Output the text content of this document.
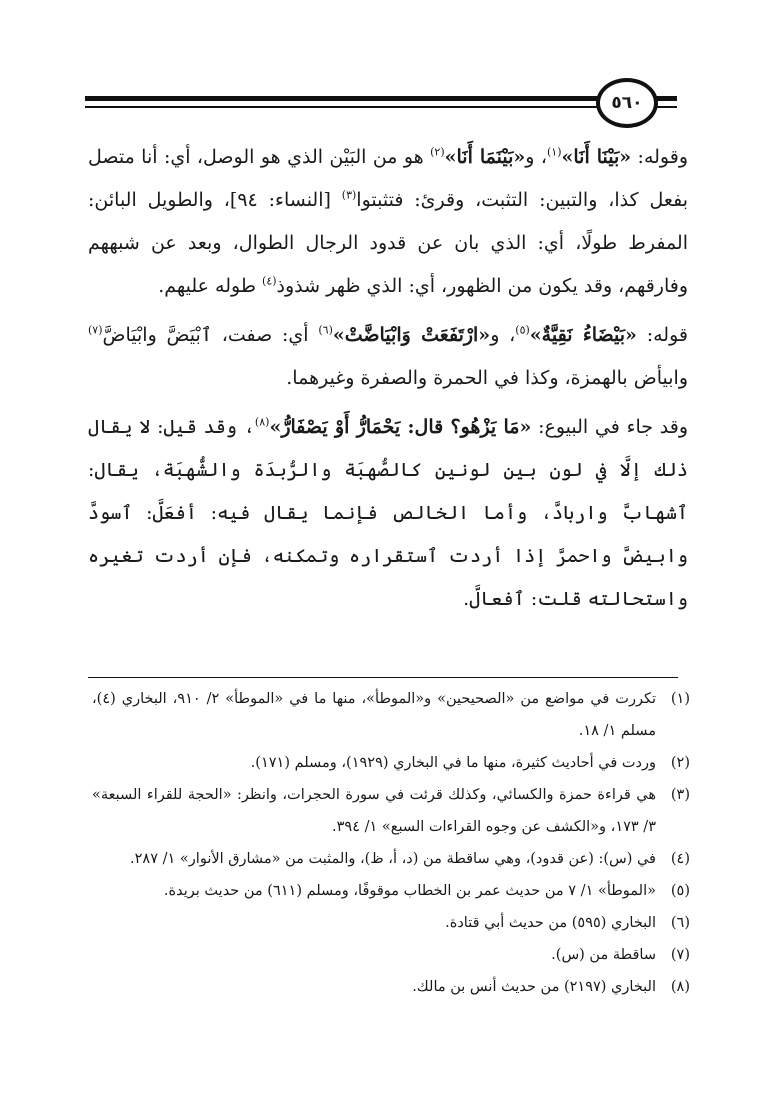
٥٦٠

وقوله: «بَيْنَا أَنَا»$^{(١)}$، و«بَيْنَمَا أَنَا»$^{(٢)}$ هو من البَيْن الذي هو الوصل، أي: أنا متصل بفعل كذا، والتبين: التثبت، وقرئ: فتثبتوا$^{(٣)}$ [النساء: ٩٤]، والطويل البائن: المفرط طولًا، أي: الذي بان عن قدود الرجال الطوال، وبعد عن شبههم وفارقهم، وقد يكون من الظهور، أي: الذي ظهر شذوذ$^{(٤)}$ طوله عليهم.

قوله: «بَيْضَاءُ نَقِيَّةٌ»$^{(٥)}$، و«ارْتَفَعَتْ وَابْيَاضَّتْ»$^{(٦)}$ أي: صفت، ٱبْيَضَّ وابْيَاضَّ$^{(٧)}$ وابيأض بالهمزة، وكذا في الحمرة والصفرة وغيرهما.

وقد جاء في البيوع: «مَا يَزْهُو؟ قال: يَحْمَارُّ أَوْ يَصْفَارُّ»$^{(٨)}$، وقد قيل: لا يقال ذلك إلَّا في لون بين لونين كالصُّهبَة والرُّبدَة والشُّهبَة، يقال: ٱشهابَّ واربادَّ، وأما الخالص فإنما يقال فيه: أفعَلَّ: ٱسودَّ وابيضَّ واحمرَّ إذا أردت ٱستقراره وتمكنه، فإن أردت تغيره واستحالته قلت: ٱفعالَّ.

(١)
تكررت في مواضع من «الصحيحين» و«الموطأ»، منها ما في «الموطأ» ٢/ ٩١٠، البخاري (٤)، مسلم ١/ ١٨.
(٢)
وردت في أحاديث كثيرة، منها ما في البخاري (١٩٢٩)، ومسلم (١٧١).
(٣)
هي قراءة حمزة والكسائي، وكذلك قرئت في سورة الحجرات، وانظر: «الحجة للقراء السبعة» ٣/ ١٧٣، و«الكشف عن وجوه القراءات السبع» ١/ ٣٩٤.
(٤)
في (س): (عن قدود)، وهي ساقطة من (د، أ، ظ)، والمثبت من «مشارق الأنوار» ١/ ٢٨٧.
(٥)
«الموطأ» ١/ ٧ من حديث عمر بن الخطاب موقوفًا، ومسلم (٦١١) من حديث بريدة.
(٦)
البخاري (٥٩٥) من حديث أبي قتادة.
(٧)
ساقطة من (س).
(٨)
البخاري (٢١٩٧) من حديث أنس بن مالك.
